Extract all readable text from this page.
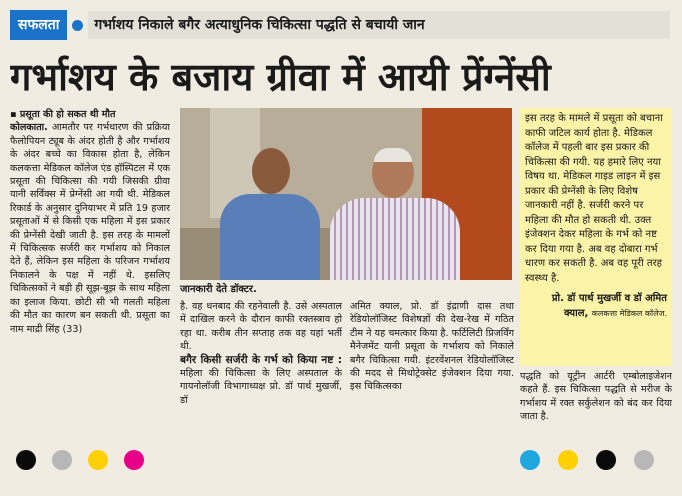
सफलता	गर्भाशय निकाले बगैर अत्याधुनिक चिकित्सा पद्धति से बचायी जान
गर्भाशय के बजाय ग्रीवा में आयी प्रेंग्नेंसी

▪ प्रसूता की हो सकत थी मौत

कोलकाता. आमतौर पर गर्भधारण की प्रक्रिया फैलोपियन ट्यूब के अंदर होती है और गर्भाशय के अंदर बच्चे का विकास होता है, लेकिन कलकत्ता मेडिकल कॉलेज एंड हॉस्पिटल में एक प्रसूता की चिकित्सा की गयी जिसकी ग्रीवा यानी सर्विक्स में प्रेग्नेंसी आ गयी थी. मेडिकल रिकार्ड के अनुसार दुनियाभर में प्रति 19 हजार प्रसूताओं में से किसी एक महिला में इस प्रकार की प्रेग्नेंसी देखी जाती है. इस तरह के मामलों में चिकित्सक सर्जरी कर गर्भाशय को निकाल देते हैं, लेकिन इस महिला के परिजन गर्भाशय निकालने के पक्ष में नहीं थे. इसलिए चिकित्सकों ने बड़ी ही सूझ-बूझ के साथ महिला का इलाज किया. छोटी सी भी गलती महिला की मौत का कारण बन सकती थी. प्रसूता का नाम माद्री सिंह (33)

जानकारी देते डॉक्टर.

है. वह धनबाद की रहनेवाली है. उसे अस्पताल में दाखिल करने के दौरान काफी रक्तस्त्राव हो रहा था. करीब तीन सप्ताह तक वह यहां भर्ती थी.

बगैर किसी सर्जरी के गर्भ को किया नष्ट : महिला की चिकित्सा के लिए अस्पताल के गायनोलॉजी विभागाध्यक्ष प्रो. डॉ पार्थ मुखर्जी, डॉ

अमित क्याल, प्रो. डॉ इंद्राणी दास तथा रेडियोलॉजिस्ट विशेषज्ञों की देख-रेख में गठित टीम ने यह चमत्कार किया है. फर्टिलिटी प्रिजर्विंग मैनेजमेंट यानी प्रसूता के गर्भाशय को निकाले बगैर चिकित्सा गयी. इंटरवेंशनल रेडियोलॉजिस्ट की मदद से मिथोट्रेक्सेट इंजेक्शन दिया गया. इस चिकित्सका

इस तरह के मामले में प्रसूता को बचाना काफी जटिल कार्य होता है. मेडिकल कॉलेज में पहली बार इस प्रकार की चिकित्सा की गयी. यह हमारे लिए नया विषय था. मेडिकल गाइड लाइन में इस प्रकार की प्रेग्नेंसी के लिए विशेष जानकारी नहीं है. सर्जरी करने पर महिला की मौत हो सकती थी. उक्त इंजेक्शन देकर महिला के गर्भ को नष्ट कर दिया गया है. अब वह दोबारा गर्भ धारण कर सकती है. अब वह पूरी तरह स्वस्थ्य है.

प्रो. डॉ पार्थ मुखर्जी व डॉ अमित क्याल, कलकत्ता मेडिकल कॉलेज.

पद्धति को यूट्रीन आर्टरी एम्बोलाइजेशन कहते हैं. इस चिकित्सा पद्धति से मरीज के गर्भाशय में रक्त सर्कुलेशन को बंद कर दिया जाता है.
